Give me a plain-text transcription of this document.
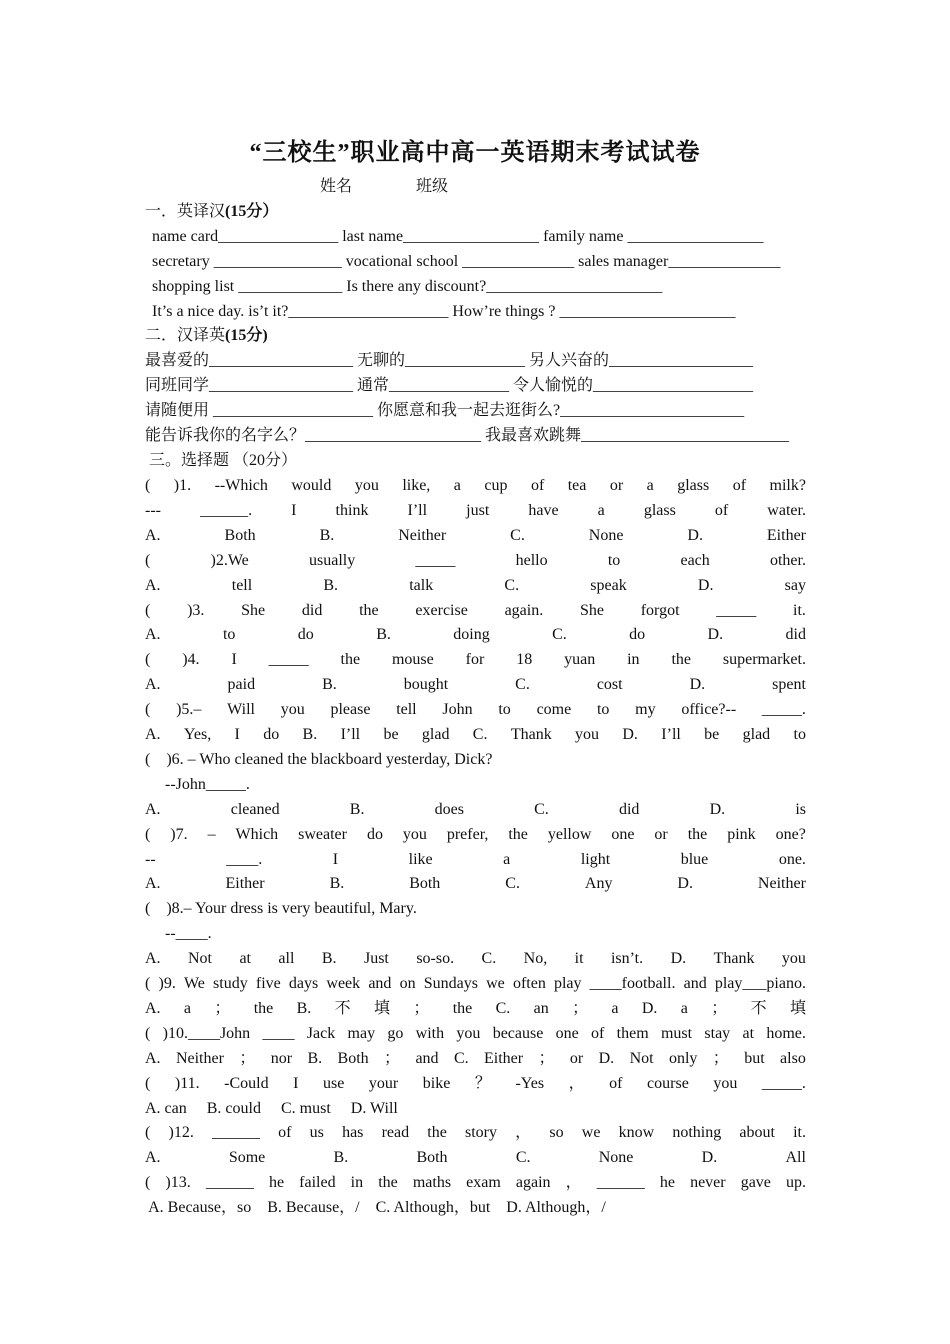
“三校生”职业高中高一英语期末考试试卷
姓名	班级
一．英译汉(15分）
name card_______________ last name_________________ family name _________________
secretary ________________ vocational school ______________ sales manager______________
shopping list _____________ Is there any discount?______________________
It’s a nice day. is’t it?____________________ How’re things ? ______________________
二．汉译英(15分)
最喜爱的__________________ 无聊的_______________ 另人兴奋的__________________
同班同学__________________ 通常_______________ 令人愉悦的____________________
请随便用 ____________________ 你愿意和我一起去逛街么?_______________________
能告诉我你的名字么？______________________ 我最喜欢跳舞__________________________
三。选择题 （20分）
( )1. --Which would you like, a cup of tea or a glass of milk?
--- ______. I think I’ll just have a glass of water.
A.	Both	B.	Neither	C.	None	D.	Either
(	)2.We	usually	_____	hello	to	each	other.
A.	tell	B.	talk	C.	speak	D.	say
( )3. She did the exercise again. She forgot _____ it.
A.	to	do	B.	doing	C.	do	D.	did
( )4. I _____ the mouse for 18 yuan in the supermarket.
A.	paid	B.	bought	C.	cost	D.	spent
( )5.– Will you please tell John to come to my office?-- _____.
A. Yes, I do B. I’ll be glad C. Thank you D. I’ll be glad to
(    )6. – Who cleaned the blackboard yesterday, Dick?
--John_____.
A.	cleaned	B.	does	C.	did	D.	is
( )7. – Which sweater do you prefer, the yellow one or the pink one?
--	____.	I	like	a	light	blue	one.
A.	Either	B.	Both	C.	Any	D.	Neither
(    )8.– Your dress is very beautiful, Mary.
--____.
A. Not at all B. Just so-so. C. No, it isn’t. D. Thank you
( )9. We study five days week and on Sundays we often play ____football. and play___piano.
A. a ； the B. 不 填 ； the C. an ； a D. a ； 不 填
( )10.____John ____ Jack may go with you because one of them must stay at home.
A. Neither ； nor B. Both ； and C. Either ； or D. Not only ； but also
( )11. -Could I use your bike ？ -Yes ， of course you _____.
A. can     B. could     C. must     D. Will
( )12. ______ of us has read the story ， so we know nothing about it.
A.	Some	B.	Both	C.	None	D.	All
( )13. ______ he failed in the maths exam again ， ______ he never gave up.
A. Because，so    B. Because，/    C. Although，but    D. Although，/
